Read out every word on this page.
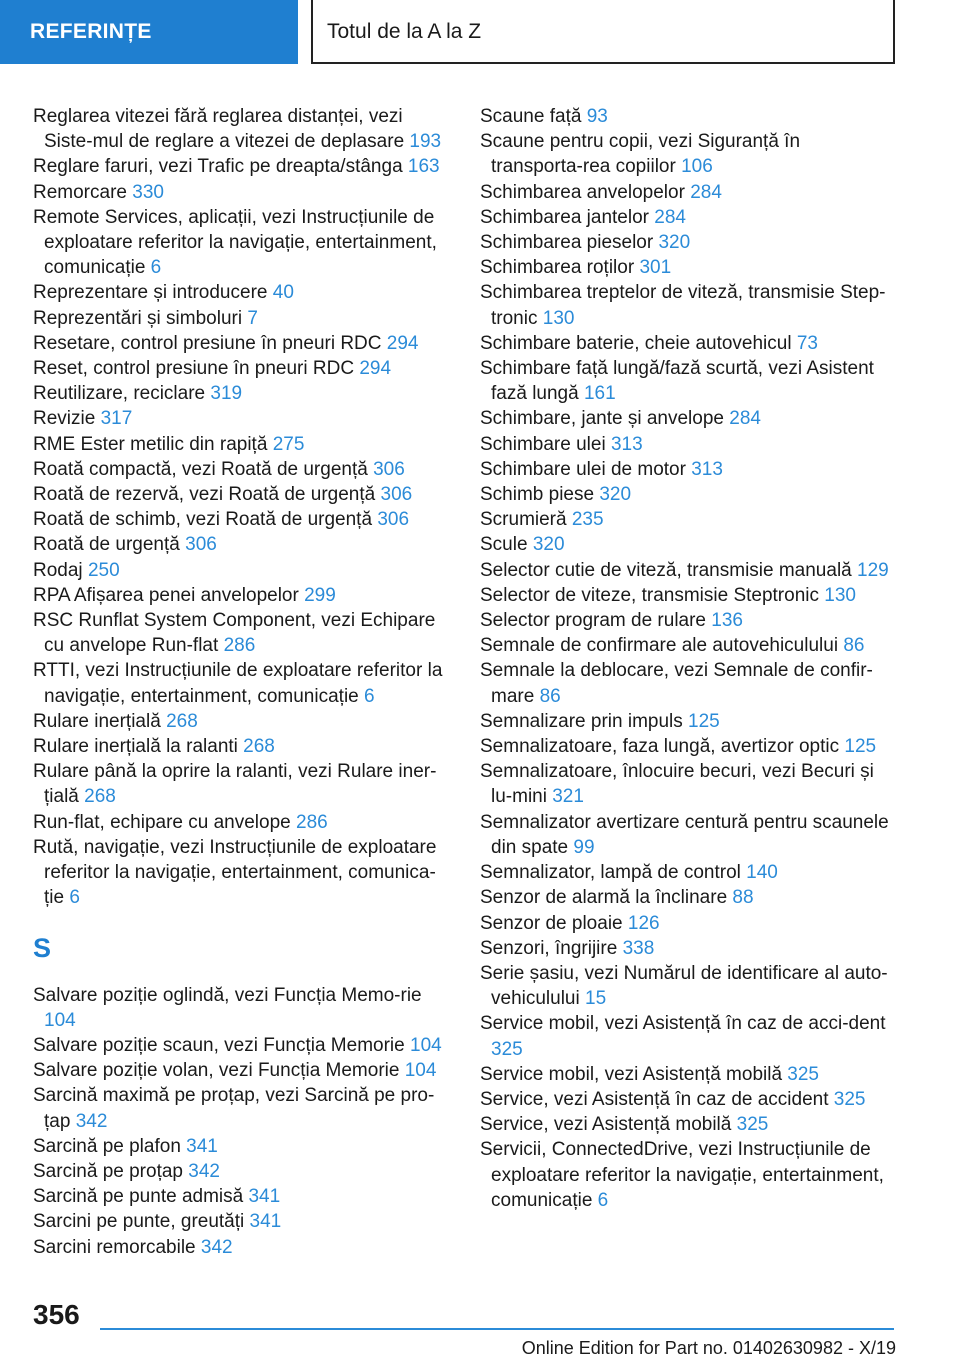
REFERINȚE	Totul de la A la Z
Reglarea vitezei fără reglarea distanței, vezi Siste-mul de reglare a vitezei de deplasare 193
Reglare faruri, vezi Trafic pe dreapta/stânga 163
Remorcare 330
Remote Services, aplicații, vezi Instrucțiunile de exploatare referitor la navigație, entertainment, comunicație 6
Reprezentare și introducere 40
Reprezentări și simboluri 7
Resetare, control presiune în pneuri RDC 294
Reset, control presiune în pneuri RDC 294
Reutilizare, reciclare 319
Revizie 317
RME Ester metilic din rapiță 275
Roată compactă, vezi Roată de urgență 306
Roată de rezervă, vezi Roată de urgență 306
Roată de schimb, vezi Roată de urgență 306
Roată de urgență 306
Rodaj 250
RPA Afișarea penei anvelopelor 299
RSC Runflat System Component, vezi Echipare cu anvelope Run-flat 286
RTTI, vezi Instrucțiunile de exploatare referitor la navigație, entertainment, comunicație 6
Rulare inerțială 268
Rulare inerțială la ralanti 268
Rulare până la oprire la ralanti, vezi Rulare iner-țială 268
Run-flat, echipare cu anvelope 286
Rută, navigație, vezi Instrucțiunile de exploatare referitor la navigație, entertainment, comunica-ție 6
S
Salvare poziție oglindă, vezi Funcția Memo-rie 104
Salvare poziție scaun, vezi Funcția Memorie 104
Salvare poziție volan, vezi Funcția Memorie 104
Sarcină maximă pe proțap, vezi Sarcină pe pro-țap 342
Sarcină pe plafon 341
Sarcină pe proțap 342
Sarcină pe punte admisă 341
Sarcini pe punte, greutăți 341
Sarcini remorcabile 342
Scaune față 93
Scaune pentru copii, vezi Siguranță în transporta-rea copiilor 106
Schimbarea anvelopelor 284
Schimbarea jantelor 284
Schimbarea pieselor 320
Schimbarea roților 301
Schimbarea treptelor de viteză, transmisie Step-tronic 130
Schimbare baterie, cheie autovehicul 73
Schimbare față lungă/fază scurtă, vezi Asistent fază lungă 161
Schimbare, jante și anvelope 284
Schimbare ulei 313
Schimbare ulei de motor 313
Schimb piese 320
Scrumieră 235
Scule 320
Selector cutie de viteză, transmisie manuală 129
Selector de viteze, transmisie Steptronic 130
Selector program de rulare 136
Semnale de confirmare ale autovehiculului 86
Semnale la deblocare, vezi Semnale de confir-mare 86
Semnalizare prin impuls 125
Semnalizatoare, faza lungă, avertizor optic 125
Semnalizatoare, înlocuire becuri, vezi Becuri și lu-mini 321
Semnalizator avertizare centură pentru scaunele din spate 99
Semnalizator, lampă de control 140
Senzor de alarmă la înclinare 88
Senzor de ploaie 126
Senzori, îngrijire 338
Serie șasiu, vezi Numărul de identificare al auto-vehiculului 15
Service mobil, vezi Asistență în caz de acci-dent 325
Service mobil, vezi Asistență mobilă 325
Service, vezi Asistență în caz de accident 325
Service, vezi Asistență mobilă 325
Servicii, ConnectedDrive, vezi Instrucțiunile de exploatare referitor la navigație, entertainment, comunicație 6
356
Online Edition for Part no. 01402630982 - X/19
